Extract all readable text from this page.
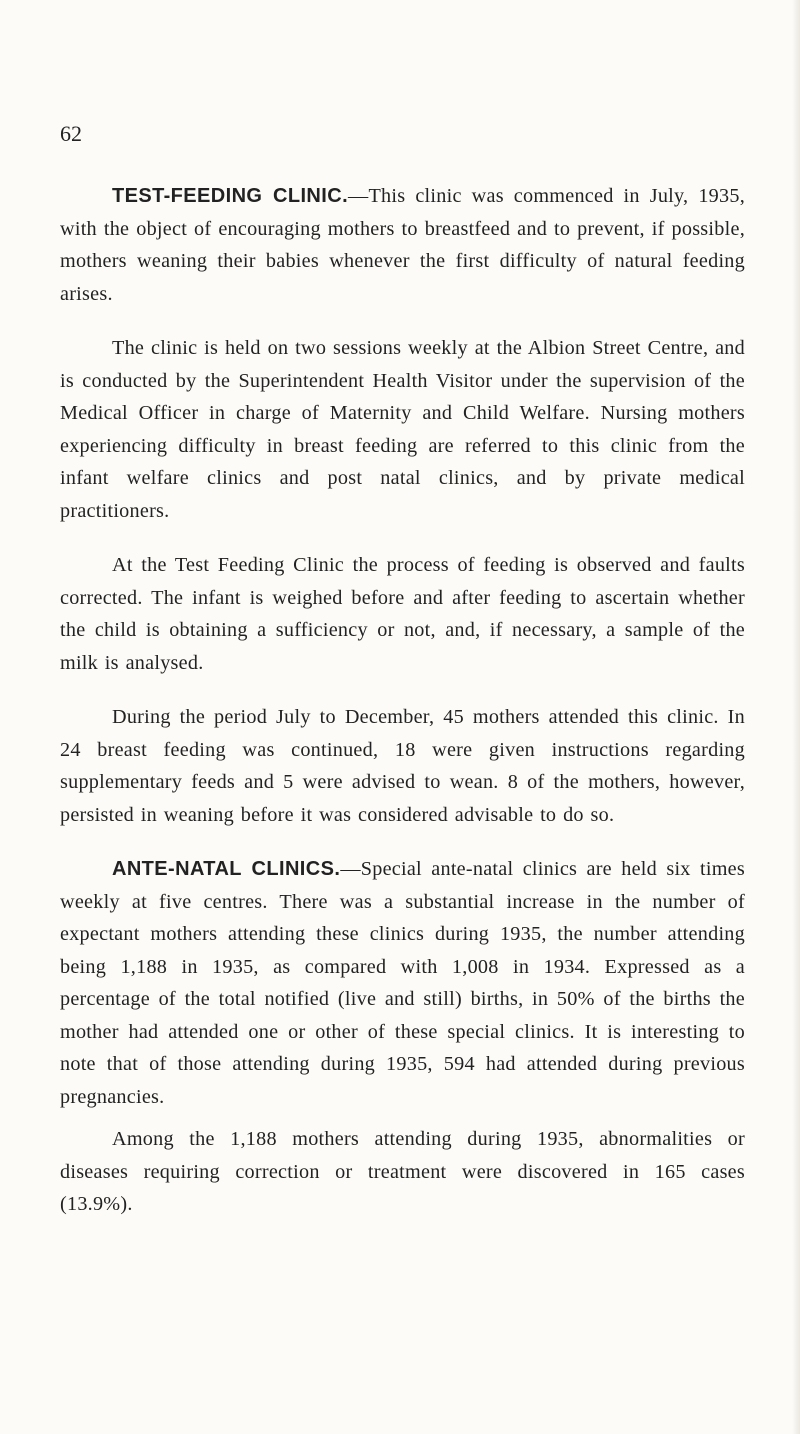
62

TEST-FEEDING CLINIC.—This clinic was commenced in July, 1935, with the object of encouraging mothers to breastfeed and to prevent, if possible, mothers weaning their babies whenever the first difficulty of natural feeding arises.

The clinic is held on two sessions weekly at the Albion Street Centre, and is conducted by the Superintendent Health Visitor under the supervision of the Medical Officer in charge of Maternity and Child Welfare. Nursing mothers experiencing difficulty in breast feeding are referred to this clinic from the infant welfare clinics and post natal clinics, and by private medical practitioners.

At the Test Feeding Clinic the process of feeding is observed and faults corrected. The infant is weighed before and after feeding to ascertain whether the child is obtaining a sufficiency or not, and, if necessary, a sample of the milk is analysed.

During the period July to December, 45 mothers attended this clinic. In 24 breast feeding was continued, 18 were given instructions regarding supplementary feeds and 5 were advised to wean. 8 of the mothers, however, persisted in weaning before it was considered advisable to do so.

ANTE-NATAL CLINICS.—Special ante-natal clinics are held six times weekly at five centres. There was a substantial increase in the number of expectant mothers attending these clinics during 1935, the number attending being 1,188 in 1935, as compared with 1,008 in 1934. Expressed as a percentage of the total notified (live and still) births, in 50% of the births the mother had attended one or other of these special clinics. It is interesting to note that of those attending during 1935, 594 had attended during previous pregnancies.

Among the 1,188 mothers attending during 1935, abnormalities or diseases requiring correction or treatment were discovered in 165 cases (13.9%).
